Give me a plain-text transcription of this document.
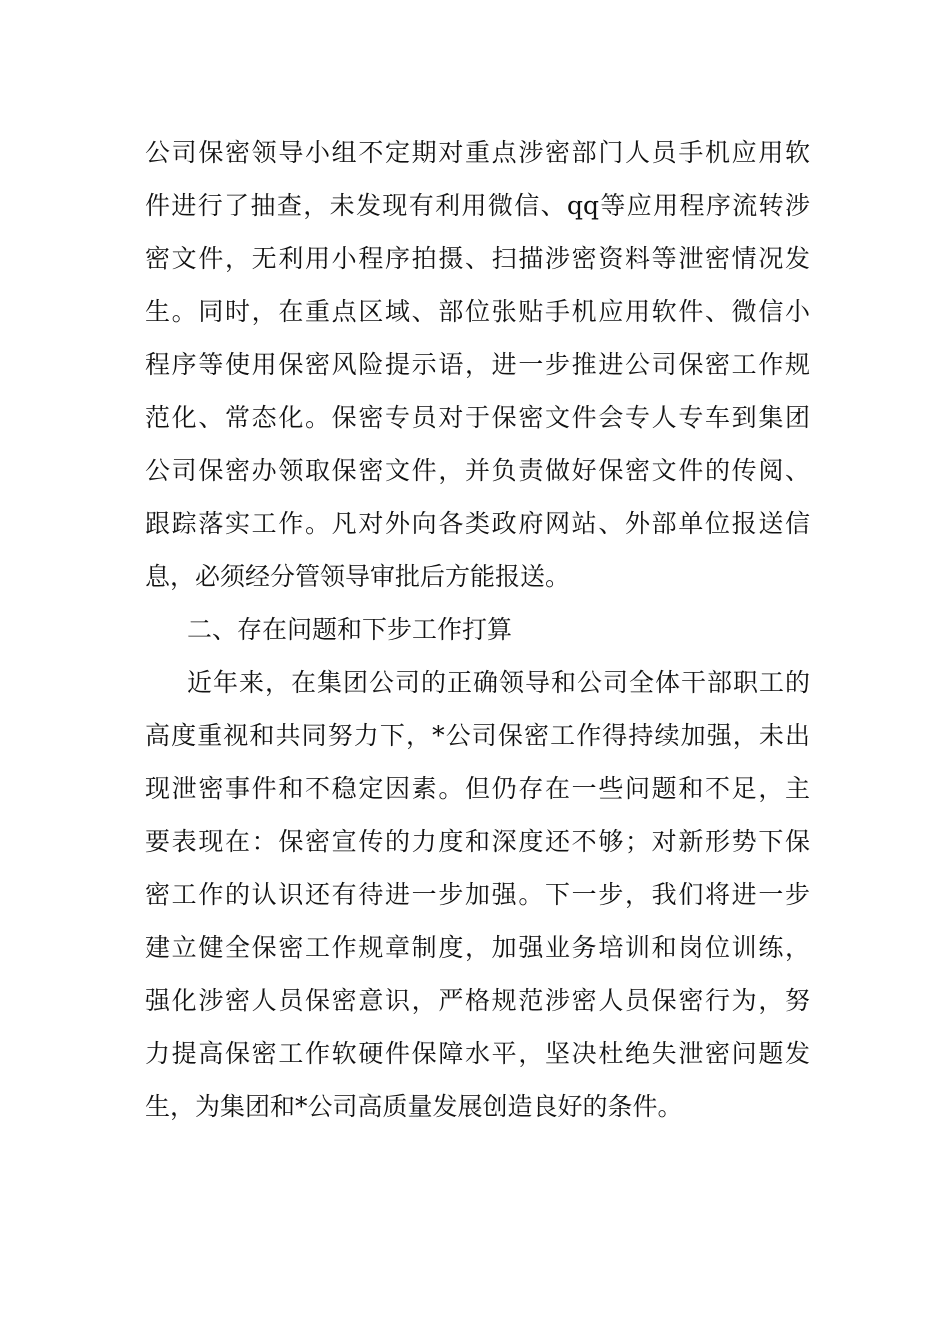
公司保密领导小组不定期对重点涉密部门人员手机应用软
件进行了抽查，未发现有利用微信、qq等应用程序流转涉
密文件，无利用小程序拍摄、扫描涉密资料等泄密情况发
生。同时，在重点区域、部位张贴手机应用软件、微信小
程序等使用保密风险提示语，进一步推进公司保密工作规
范化、常态化。保密专员对于保密文件会专人专车到集团
公司保密办领取保密文件，并负责做好保密文件的传阅、
跟踪落实工作。凡对外向各类政府网站、外部单位报送信
息，必须经分管领导审批后方能报送。
二、存在问题和下步工作打算
近年来，在集团公司的正确领导和公司全体干部职工的
高度重视和共同努力下，*公司保密工作得持续加强，未出
现泄密事件和不稳定因素。但仍存在一些问题和不足，主
要表现在：保密宣传的力度和深度还不够；对新形势下保
密工作的认识还有待进一步加强。下一步，我们将进一步
建立健全保密工作规章制度，加强业务培训和岗位训练，
强化涉密人员保密意识，严格规范涉密人员保密行为，努
力提高保密工作软硬件保障水平，坚决杜绝失泄密问题发
生，为集团和*公司高质量发展创造良好的条件。
